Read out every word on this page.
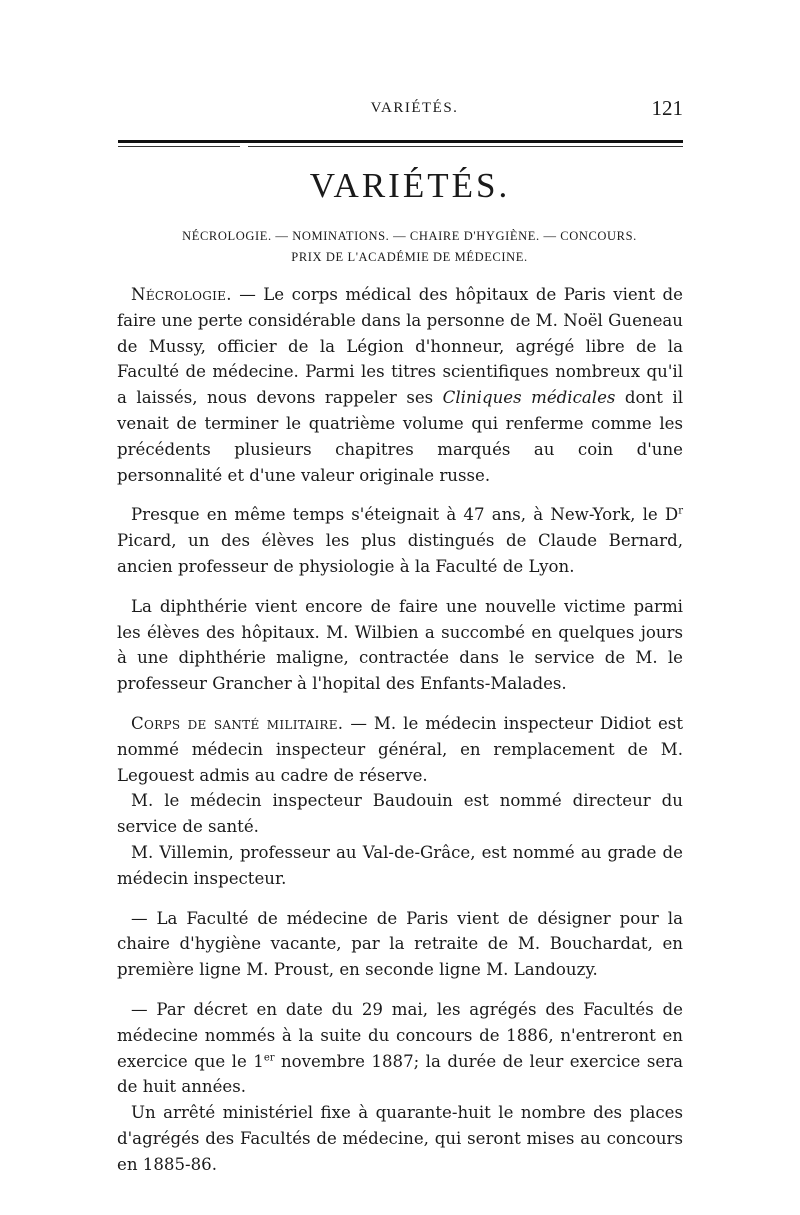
VARIÉTÉS.	121
VARIÉTÉS.
NÉCROLOGIE. — NOMINATIONS. — CHAIRE D'HYGIÈNE. — CONCOURS.
PRIX DE L'ACADÉMIE DE MÉDECINE.

Nécrologie. — Le corps médical des hôpitaux de Paris vient de faire une perte considérable dans la personne de M. Noël Gueneau de Mussy, officier de la Légion d'honneur, agrégé libre de la Faculté de médecine. Parmi les titres scientifiques nombreux qu'il a laissés, nous devons rappeler ses Cliniques médicales dont il venait de terminer le quatrième volume qui renferme comme les précédents plusieurs chapitres marqués au coin d'une personnalité et d'une valeur originale russe.

Presque en même temps s'éteignait à 47 ans, à New-York, le $D^r$ Picard, un des élèves les plus distingués de Claude Bernard, ancien professeur de physiologie à la Faculté de Lyon.

La diphthérie vient encore de faire une nouvelle victime parmi les élèves des hôpitaux. M. Wilbien a succombé en quelques jours à une diphthérie maligne, contractée dans le service de M. le professeur Grancher à l'hopital des Enfants-Malades.

Corps de santé militaire. — M. le médecin inspecteur Didiot est nommé médecin inspecteur général, en remplacement de M. Legouest admis au cadre de réserve.

M. le médecin inspecteur Baudouin est nommé directeur du service de santé.

M. Villemin, professeur au Val-de-Grâce, est nommé au grade de médecin inspecteur.

— La Faculté de médecine de Paris vient de désigner pour la chaire d'hygiène vacante, par la retraite de M. Bouchardat, en première ligne M. Proust, en seconde ligne M. Landouzy.

— Par décret en date du 29 mai, les agrégés des Facultés de médecine nommés à la suite du concours de 1886, n'entreront en exercice que le 1er novembre 1887; la durée de leur exercice sera de huit années.

Un arrêté ministériel fixe à quarante-huit le nombre des places d'agrégés des Facultés de médecine, qui seront mises au concours en 1885-86.
